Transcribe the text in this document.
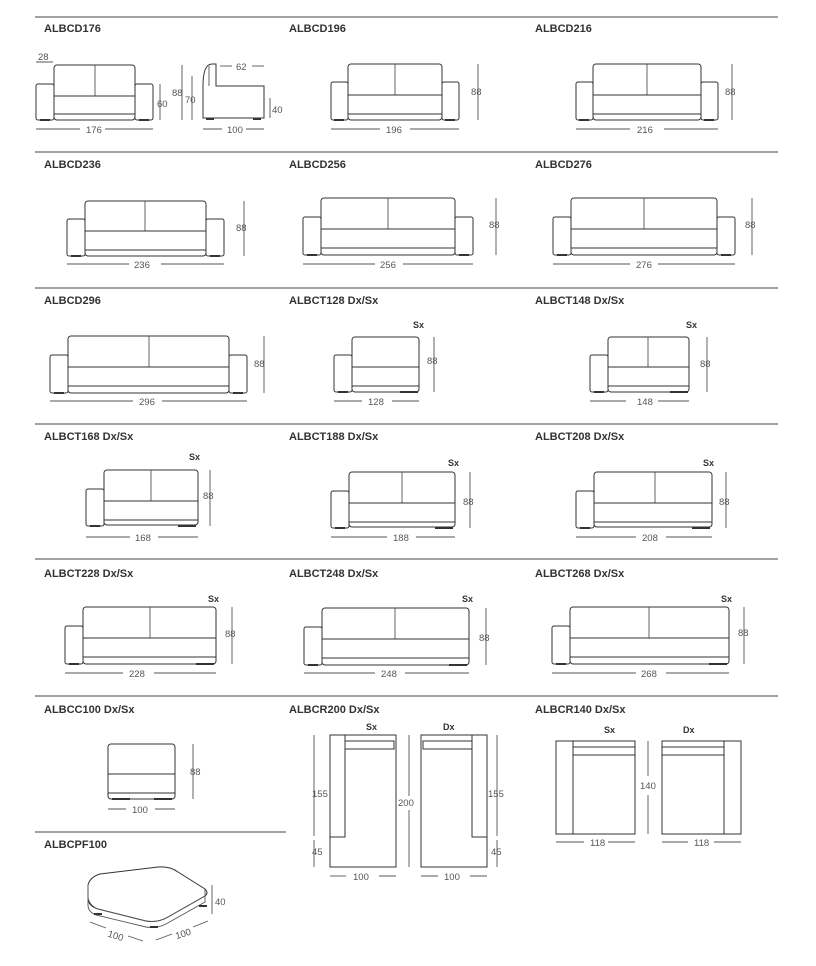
ALBCD176
28
176
60
88
70
62
40
100
ALBCD196
196
88
ALBCD216
216
88
ALBCD236
236
88
ALBCD256
256
88
ALBCD276
276
88
ALBCD296
296
88
ALBCT128 Dx/Sx
Sx
128
88
ALBCT148 Dx/Sx
Sx
148
88
ALBCT168 Dx/Sx
Sx
168
88
ALBCT188 Dx/Sx
Sx
188
88
ALBCT208 Dx/Sx
Sx
208
88
ALBCT228 Dx/Sx
Sx
228
88
ALBCT248 Dx/Sx
Sx
248
88
ALBCT268 Dx/Sx
Sx
268
88
ALBCC100 Dx/Sx
100
88
ALBCPF100
40
100	100
ALBCR200 Dx/Sx
Sx	Dx
155
45
100
200
155
45
100
ALBCR140 Dx/Sx
Sx	Dx
118
140
118
